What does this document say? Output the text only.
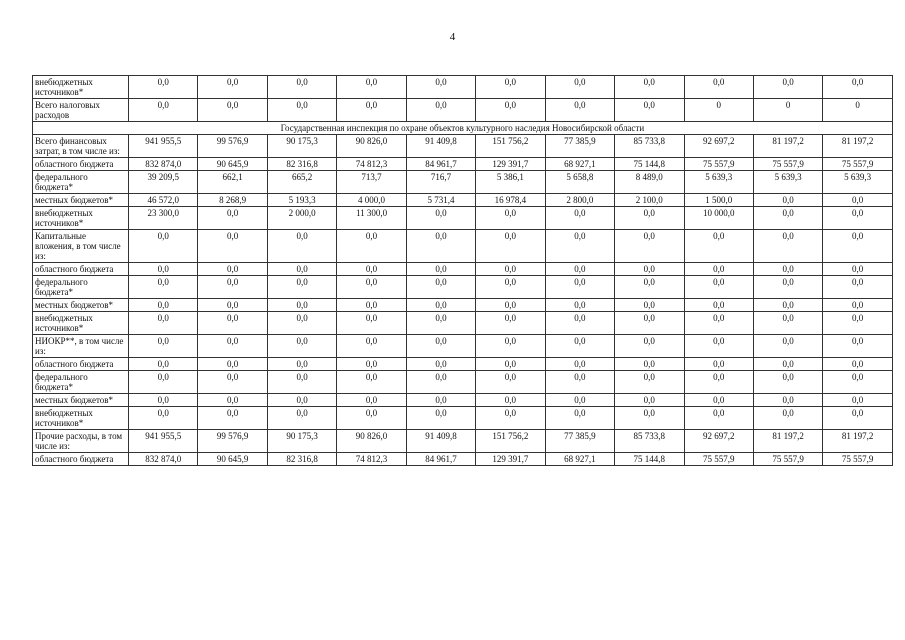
4
внебюджетных источников*	0,0	0,0	0,0	0,0	0,0	0,0	0,0	0,0	0,0	0,0	0,0
Всего налоговых расходов	0,0	0,0	0,0	0,0	0,0	0,0	0,0	0,0	0	0	0
Государственная инспекция по охране объектов культурного наследия Новосибирской области											
Всего финансовых затрат, в том числе из:	941 955,5	99 576,9	90 175,3	90 826,0	91 409,8	151 756,2	77 385,9	85 733,8	92 697,2	81 197,2	81 197,2
областного бюджета	832 874,0	90 645,9	82 316,8	74 812,3	84 961,7	129 391,7	68 927,1	75 144,8	75 557,9	75 557,9	75 557,9
федерального бюджета*	39 209,5	662,1	665,2	713,7	716,7	5 386,1	5 658,8	8 489,0	5 639,3	5 639,3	5 639,3
местных бюджетов*	46 572,0	8 268,9	5 193,3	4 000,0	5 731,4	16 978,4	2 800,0	2 100,0	1 500,0	0,0	0,0
внебюджетных источников*	23 300,0	0,0	2 000,0	11 300,0	0,0	0,0	0,0	0,0	10 000,0	0,0	0,0
Капитальные вложения, в том числе из:	0,0	0,0	0,0	0,0	0,0	0,0	0,0	0,0	0,0	0,0	0,0
областного бюджета	0,0	0,0	0,0	0,0	0,0	0,0	0,0	0,0	0,0	0,0	0,0
федерального бюджета*	0,0	0,0	0,0	0,0	0,0	0,0	0,0	0,0	0,0	0,0	0,0
местных бюджетов*	0,0	0,0	0,0	0,0	0,0	0,0	0,0	0,0	0,0	0,0	0,0
внебюджетных источников*	0,0	0,0	0,0	0,0	0,0	0,0	0,0	0,0	0,0	0,0	0,0
НИОКР**, в том числе из:	0,0	0,0	0,0	0,0	0,0	0,0	0,0	0,0	0,0	0,0	0,0
областного бюджета	0,0	0,0	0,0	0,0	0,0	0,0	0,0	0,0	0,0	0,0	0,0
федерального бюджета*	0,0	0,0	0,0	0,0	0,0	0,0	0,0	0,0	0,0	0,0	0,0
местных бюджетов*	0,0	0,0	0,0	0,0	0,0	0,0	0,0	0,0	0,0	0,0	0,0
внебюджетных источников*	0,0	0,0	0,0	0,0	0,0	0,0	0,0	0,0	0,0	0,0	0,0
Прочие расходы, в том числе из:	941 955,5	99 576,9	90 175,3	90 826,0	91 409,8	151 756,2	77 385,9	85 733,8	92 697,2	81 197,2	81 197,2
областного бюджета	832 874,0	90 645,9	82 316,8	74 812,3	84 961,7	129 391,7	68 927,1	75 144,8	75 557,9	75 557,9	75 557,9
